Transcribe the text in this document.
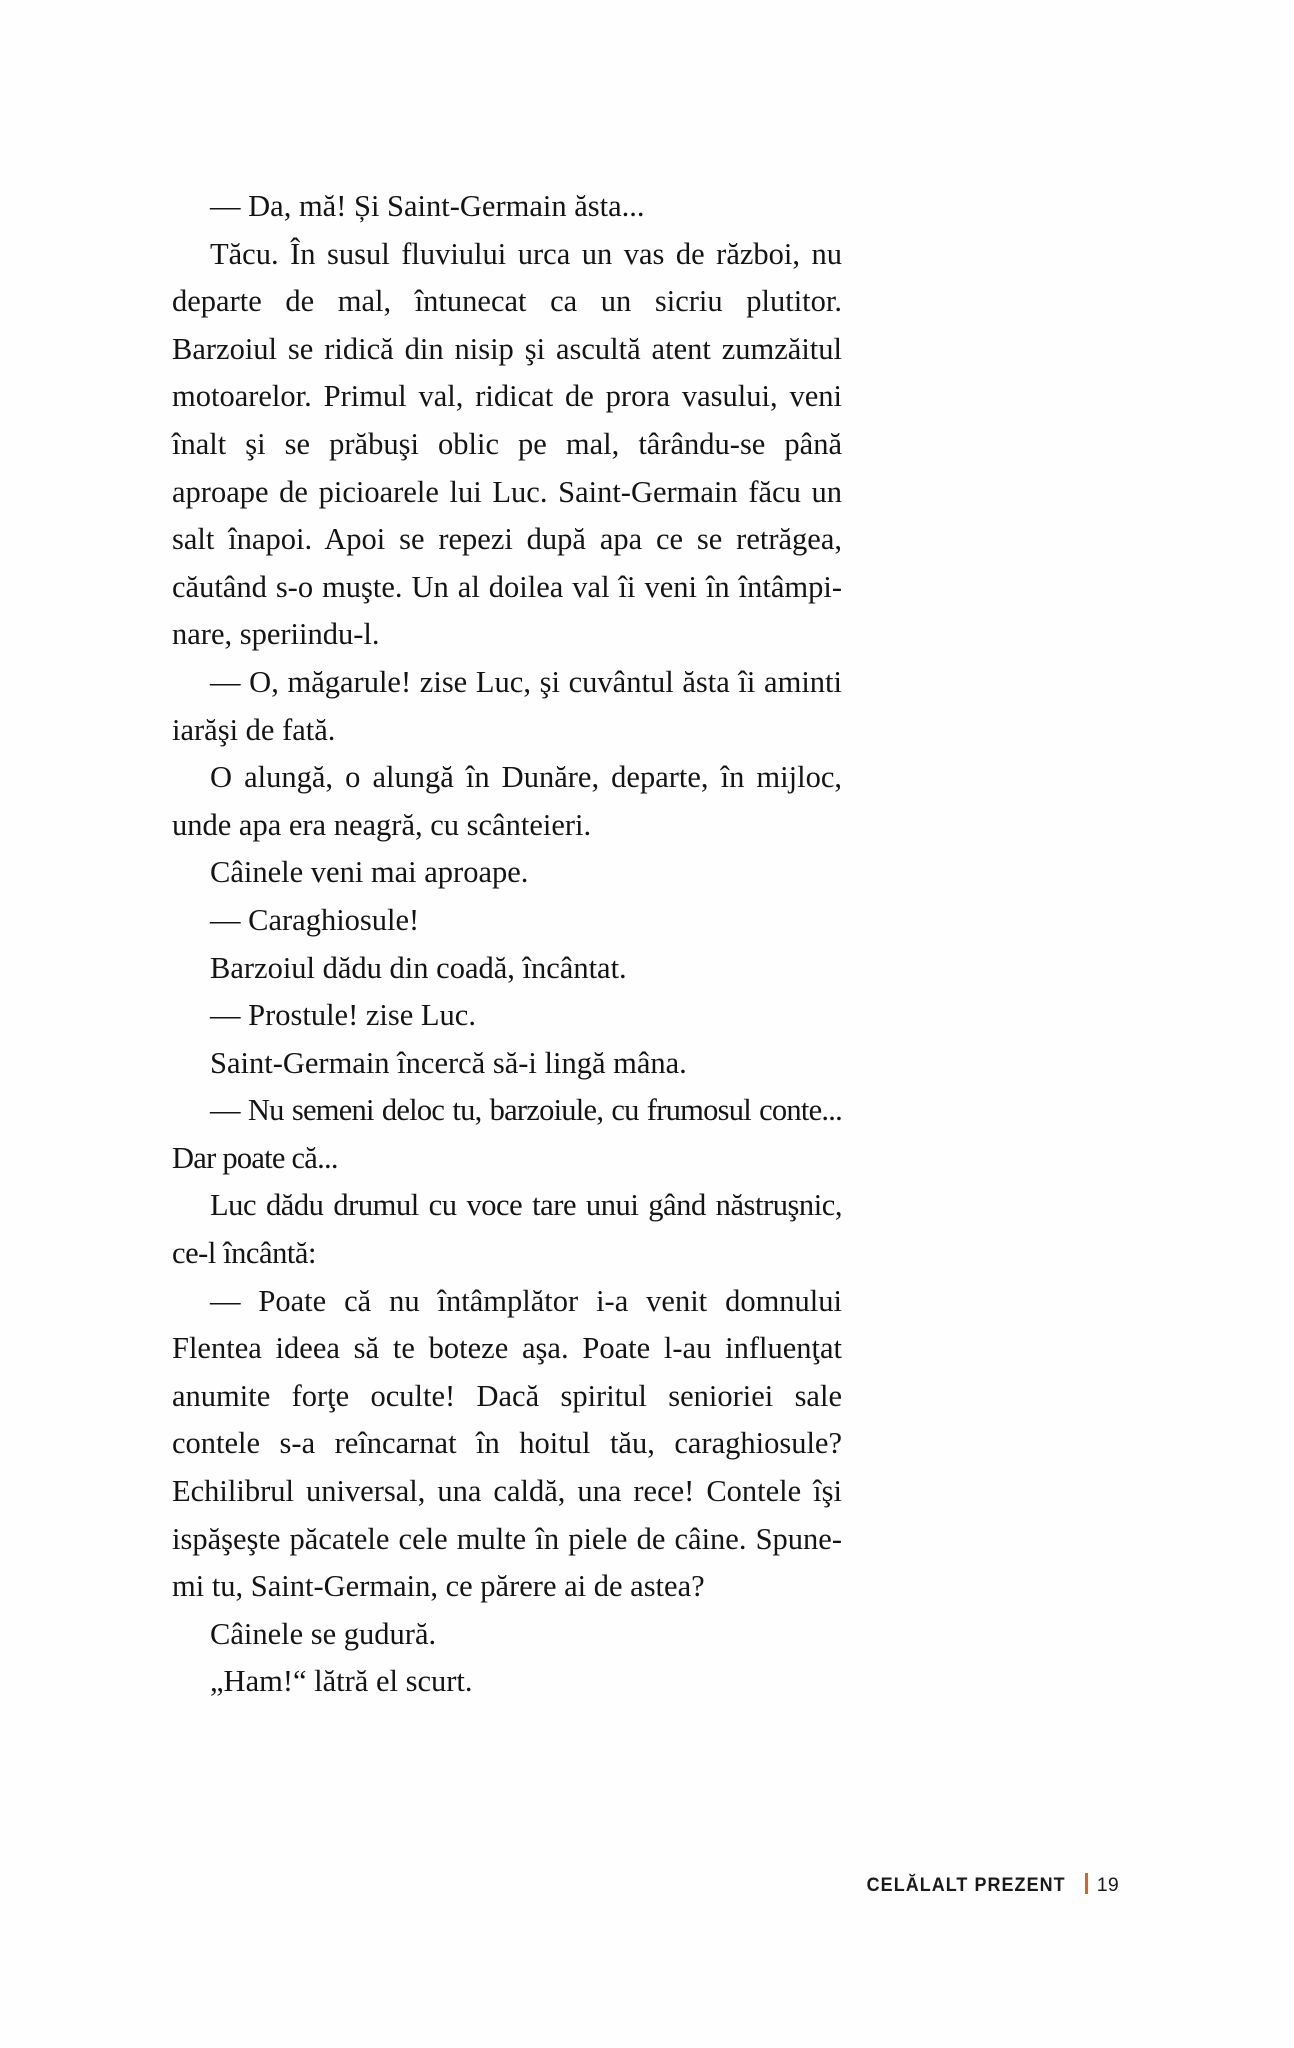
— Da, mă! Și Saint-Germain ăsta...

Tăcu. În susul fluviului urca un vas de război, nu departe de mal, întunecat ca un sicriu plutitor. Barzoiul se ridică din nisip şi ascultă atent zumzăitul motoarelor. Primul val, ridicat de prora vasului, veni înalt şi se prăbuşi oblic pe mal, târându-se până aproape de picioarele lui Luc. Saint-Germain făcu un salt înapoi. Apoi se repezi după apa ce se retrăgea, căutând s-o muşte. Un al doilea val îi veni în întâmpi-nare, speriindu-l.

— O, măgarule! zise Luc, şi cuvântul ăsta îi aminti iarăşi de fată.

O alungă, o alungă în Dunăre, departe, în mijloc, unde apa era neagră, cu scânteieri.

Câinele veni mai aproape.

— Caraghiosule!

Barzoiul dădu din coadă, încântat.

— Prostule! zise Luc.

Saint-Germain încercă să-i lingă mâna.

— Nu semeni deloc tu, barzoiule, cu frumosul conte... Dar poate că...

Luc dădu drumul cu voce tare unui gând năstruşnic, ce-l încântă:

— Poate că nu întâmplător i-a venit domnului Flentea ideea să te boteze aşa. Poate l-au influenţat anumite forţe oculte! Dacă spiritul senioriei sale contele s-a reîncarnat în hoitul tău, caraghiosule? Echilibrul universal, una caldă, una rece! Contele îşi ispăşeşte păcatele cele multe în piele de câine. Spune-mi tu, Saint-Germain, ce părere ai de astea?

Câinele se gudură.

„Ham!“ lătră el scurt.

CELĂLALT PREZENT 19
